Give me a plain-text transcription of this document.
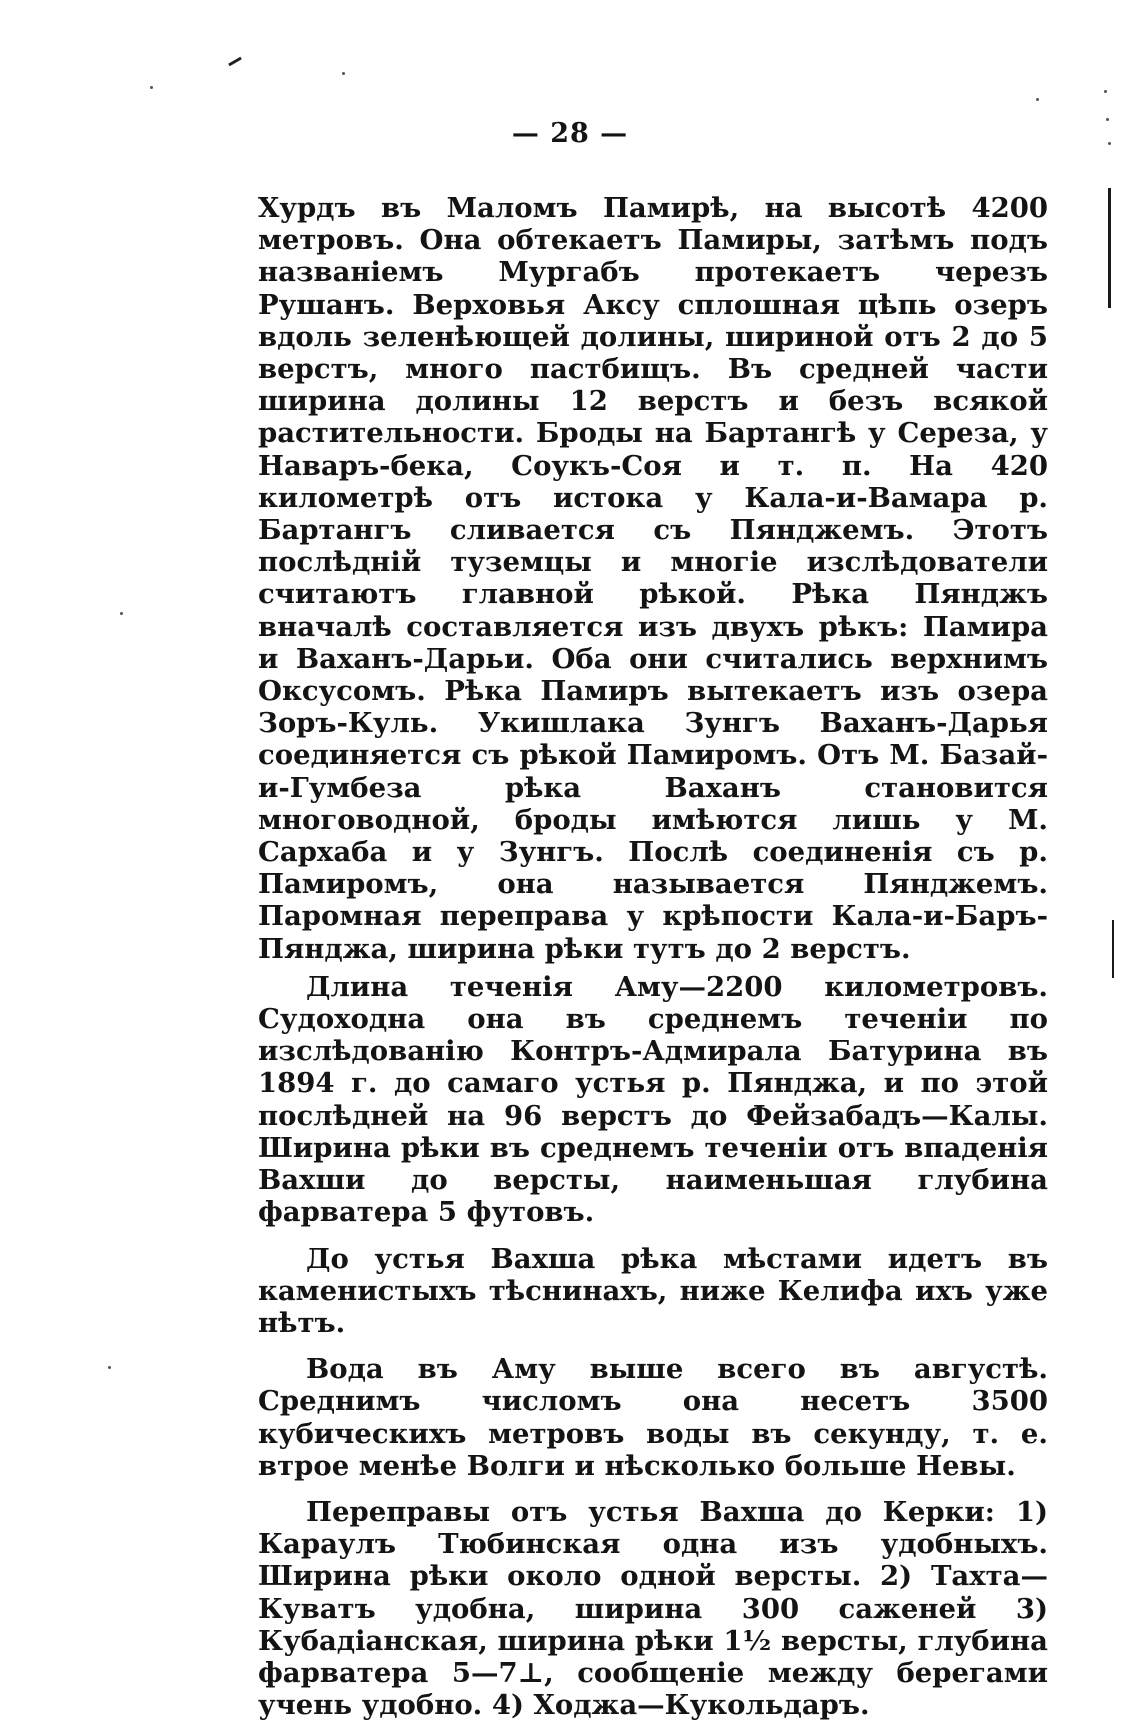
— 28 —

Хурдъ въ Маломъ Памирѣ, на высотѣ 4200 метровъ. Она обтекаетъ Памиры, затѣмъ подъ названіемъ Мургабъ протекаетъ черезъ Рушанъ. Верховья Аксу сплошная цѣпь озеръ вдоль зеленѣющей долины, шириной отъ 2 до 5 верстъ, много пастбищъ. Въ средней части ширина долины 12 верстъ и безъ всякой растительности. Броды на Бартангѣ у Сереза, у Наваръ-бека, Соукъ-Соя и т. п. На 420 километрѣ отъ истока у Кала-и-Вамара р. Бартангъ сливается съ Пянджемъ. Этотъ послѣдній туземцы и многіе изслѣдователи считаютъ главной рѣкой. Рѣка Пянджъ вначалѣ составляется изъ двухъ рѣкъ: Памира и Ваханъ-Дарьи. Оба они считались верхнимъ Оксусомъ. Рѣка Памиръ вытекаетъ изъ озера Зоръ-Куль. Укишлака Зунгъ Ваханъ-Дарья соединяется съ рѣкой Памиромъ. Отъ М. Базай-и-Гумбеза рѣка Ваханъ становится многоводной, броды имѣются лишь у М. Сархаба и у Зунгъ. Послѣ соединенія съ р. Памиромъ, она называется Пянджемъ. Паромная переправа у крѣпости Кала-и-Баръ-Пянджа, ширина рѣки тутъ до 2 верстъ.

Длина теченія Аму—2200 километровъ. Судоходна она въ среднемъ теченіи по изслѣдованію Контръ-Адмирала Батурина въ 1894 г. до самаго устья р. Пянджа, и по этой послѣдней на 96 верстъ до Фейзабадъ—Калы. Ширина рѣки въ среднемъ теченіи отъ впаденія Вахши до версты, наименьшая глубина фарватера 5 футовъ.

До устья Вахша рѣка мѣстами идетъ въ каменистыхъ тѣснинахъ, ниже Келифа ихъ уже нѣтъ.

Вода въ Аму выше всего въ августѣ. Среднимъ числомъ она несетъ 3500 кубическихъ метровъ воды въ секунду, т. е. втрое менѣе Волги и нѣсколько больше Невы.

Переправы отъ устья Вахша до Керки: 1) Караулъ Тюбинская одна изъ удобныхъ. Ширина рѣки около одной версты. 2) Тахта—Куватъ удобна, ширина 300 саженей 3) Кубадіанская, ширина рѣки 1½ версты, глубина фарватера 5—7⊥, сообщеніе между берегами учень удобно. 4) Ходжа—Кукольдаръ.
